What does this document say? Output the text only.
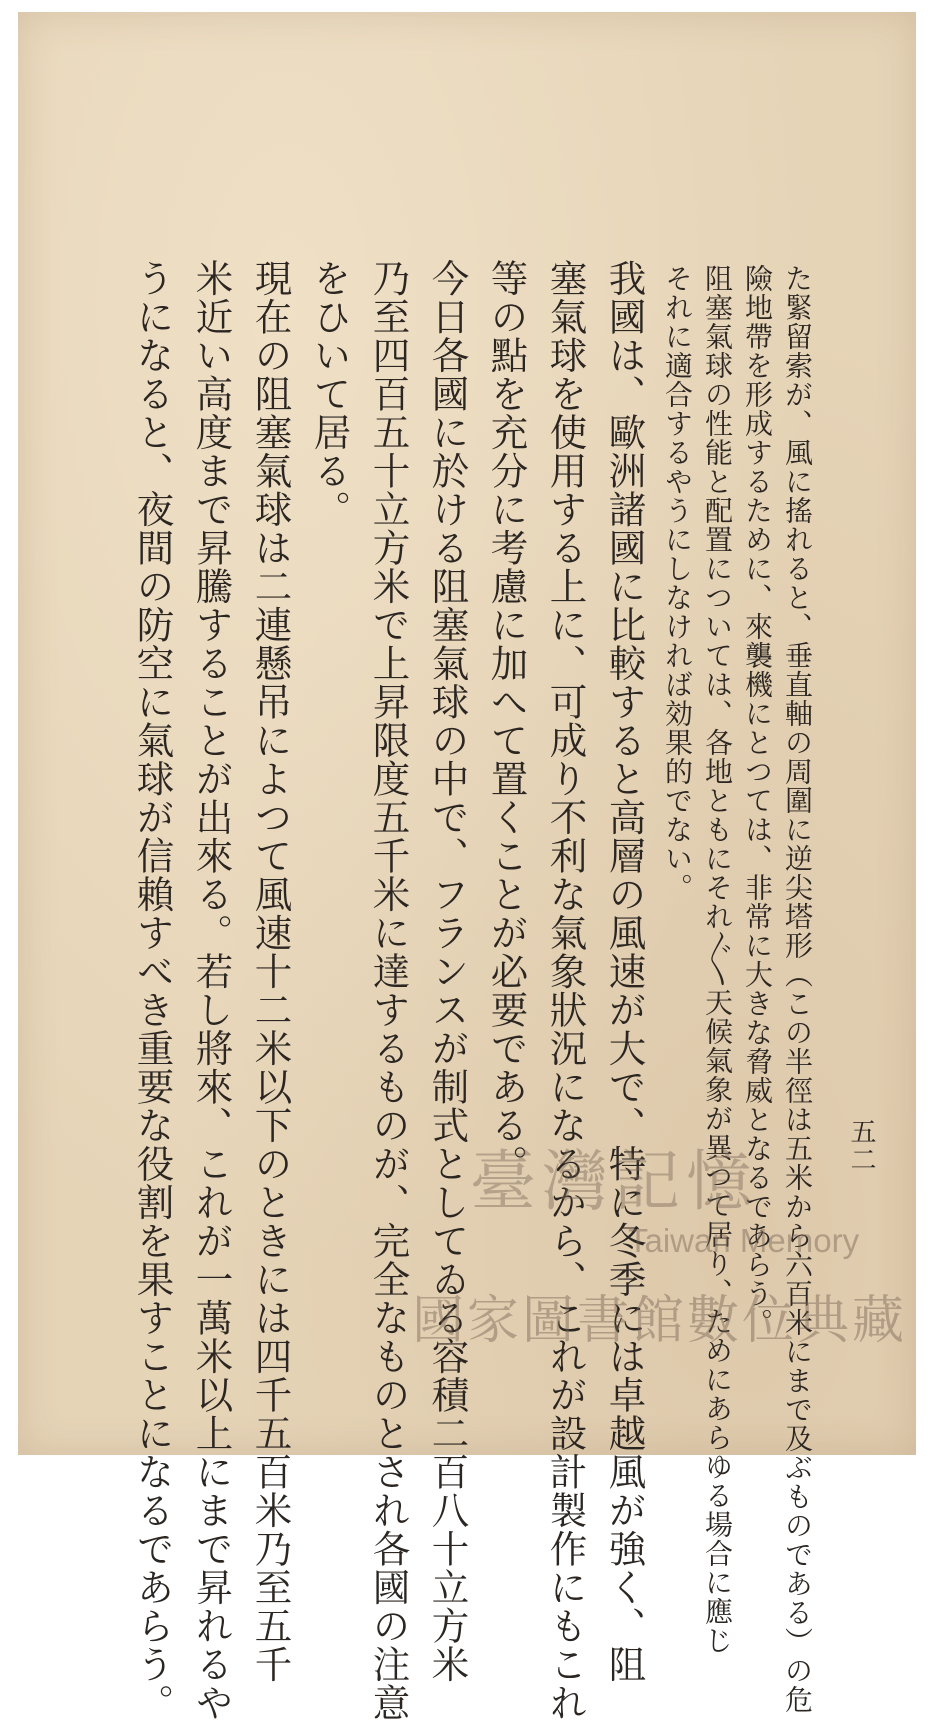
た緊留索が、風に搖れると、垂直軸の周圍に逆尖塔形（この半徑は五米から六百米にまで及ぶものである）の危
險地帶を形成するために、來襲機にとつては、非常に大きな脅威となるであらう。
阻塞氣球の性能と配置については、各地ともにそれ〴〵天候氣象が異つて居り、ためにあらゆる場合に應じ
それに適合するやうにしなければ効果的でない。
我國は、歐洲諸國に比較すると高層の風速が大で、特に冬季には卓越風が強く、阻
塞氣球を使用する上に、可成り不利な氣象狀況になるから、これが設計製作にもこれ
等の點を充分に考慮に加へて置くことが必要である。
今日各國に於ける阻塞氣球の中で、フランスが制式としてゐる容積二百八十立方米
乃至四百五十立方米で上昇限度五千米に達するものが、完全なものとされ各國の注意
をひいて居る。
現在の阻塞氣球は二連懸吊によつて風速十二米以下のときには四千五百米乃至五千
米近い高度まで昇騰することが出來る。若し將來、これが一萬米以上にまで昇れるや
うになると、夜間の防空に氣球が信賴すべき重要な役割を果すことになるであらう。	五二
臺灣記憶
Taiwan Memory
國家圖書館數位典藏
